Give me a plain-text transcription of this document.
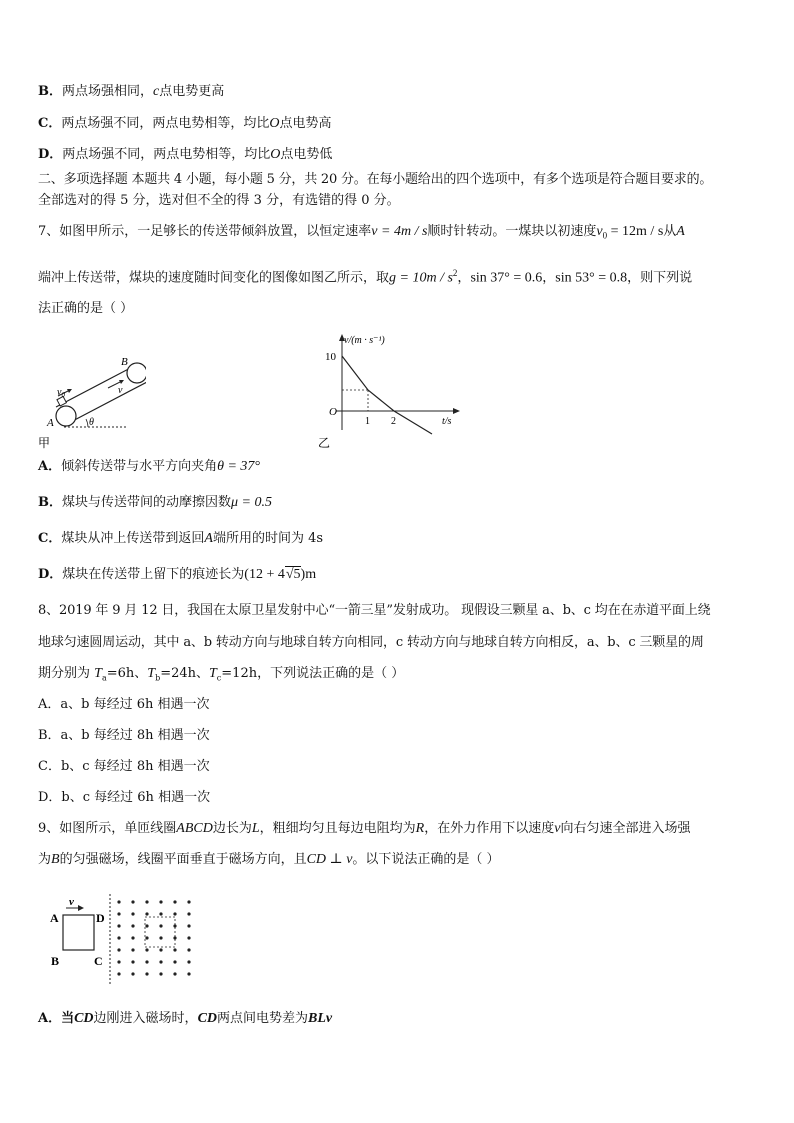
B．两点场强相同，c点电势更高
C．两点场强不同，两点电势相等，均比O点电势高
D．两点场强不同，两点电势相等，均比O点电势低
二、多项选择题 本题共 4 小题，每小题 5 分，共 20 分。在每小题给出的四个选项中，有多个选项是符合题目要求的。
全部选对的得 5 分，选对但不全的得 3 分，有选错的得 0 分。
7、如图甲所示，一足够长的传送带倾斜放置，以恒定速率v = 4m / s顺时针转动。一煤块以初速度$v_0 = 12m / s$从A
端冲上传送带，煤块的速度随时间变化的图像如图乙所示，取$g = 10m / s^2$，sin 37° = 0.6，sin 53° = 0.8，则下列说
法正确的是（ ）
$v_0$	v
B
A	θ
甲
v/(m · s⁻¹)
t/s
10
O
1 2
乙
A．倾斜传送带与水平方向夹角θ = 37°
B．煤块与传送带间的动摩擦因数μ = 0.5
C．煤块从冲上传送带到返回A端所用的时间为 4s
D．煤块在传送带上留下的痕迹长为(12 + 4√5)m
8、2019 年 9 月 12 日，我国在太原卫星发射中心“一箭三星”发射成功。 现假设三颗星 a、b、c 均在在赤道平面上绕
地球匀速圆周运动，其中 a、b 转动方向与地球自转方向相同，c 转动方向与地球自转方向相反，a、b、c 三颗星的周
期分别为 $T_a=6h$、$T_b=24h$、$T_c=12h$，下列说法正确的是（ ）
A．a、b 每经过 6h 相遇一次
B．a、b 每经过 8h 相遇一次
C．b、c 每经过 8h 相遇一次
D．b、c 每经过 6h 相遇一次
9、如图所示，单匝线圈ABCD边长为L，粗细均匀且每边电阻均为R，在外力作用下以速度v向右匀速全部进入场强
为B的匀强磁场，线圈平面垂直于磁场方向，且CD ⊥ v。以下说法正确的是（ ）
v
A
B	C
D
A．当CD边刚进入磁场时，CD两点间电势差为BLv
